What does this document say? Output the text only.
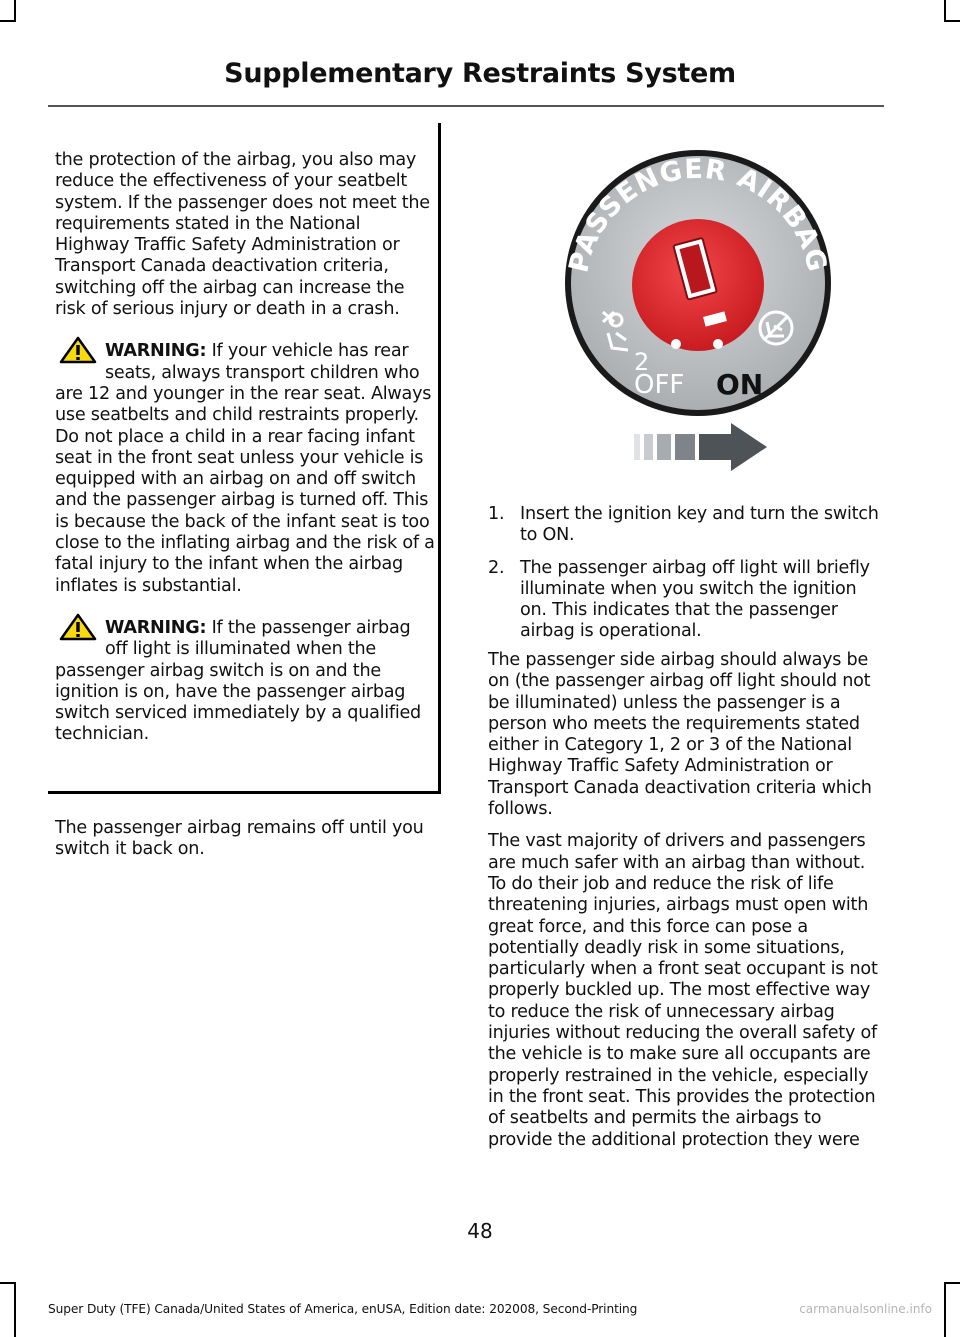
Supplementary Restraints System

the protection of the airbag, you also may reduce the effectiveness of your seatbelt system. If the passenger does not meet the requirements stated in the National Highway Traffic Safety Administration or Transport Canada deactivation criteria, switching off the airbag can increase the risk of serious injury or death in a crash.

WARNING: If your vehicle has rear seats, always transport children who are 12 and younger in the rear seat. Always use seatbelts and child restraints properly. Do not place a child in a rear facing infant seat in the front seat unless your vehicle is equipped with an airbag on and off switch and the passenger airbag is turned off. This is because the back of the infant seat is too close to the inflating airbag and the risk of a fatal injury to the infant when the airbag inflates is substantial.

WARNING: If the passenger airbag off light is illuminated when the passenger airbag switch is on and the ignition is on, have the passenger airbag switch serviced immediately by a qualified technician.

The passenger airbag remains off until you switch it back on.

PASSENGER AIRBAG
2
OFF ON
1. Insert the ignition key and turn the switch to ON.
2. The passenger airbag off light will briefly illuminate when you switch the ignition on. This indicates that the passenger airbag is operational.

The passenger side airbag should always be on (the passenger airbag off light should not be illuminated) unless the passenger is a person who meets the requirements stated either in Category 1, 2 or 3 of the National Highway Traffic Safety Administration or Transport Canada deactivation criteria which follows.

The vast majority of drivers and passengers are much safer with an airbag than without. To do their job and reduce the risk of life threatening injuries, airbags must open with great force, and this force can pose a potentially deadly risk in some situations, particularly when a front seat occupant is not properly buckled up. The most effective way to reduce the risk of unnecessary airbag injuries without reducing the overall safety of the vehicle is to make sure all occupants are properly restrained in the vehicle, especially in the front seat. This provides the protection of seatbelts and permits the airbags to provide the additional protection they were

48
Super Duty (TFE) Canada/United States of America, enUSA, Edition date: 202008, Second-Printing	carmanualsonline.info
